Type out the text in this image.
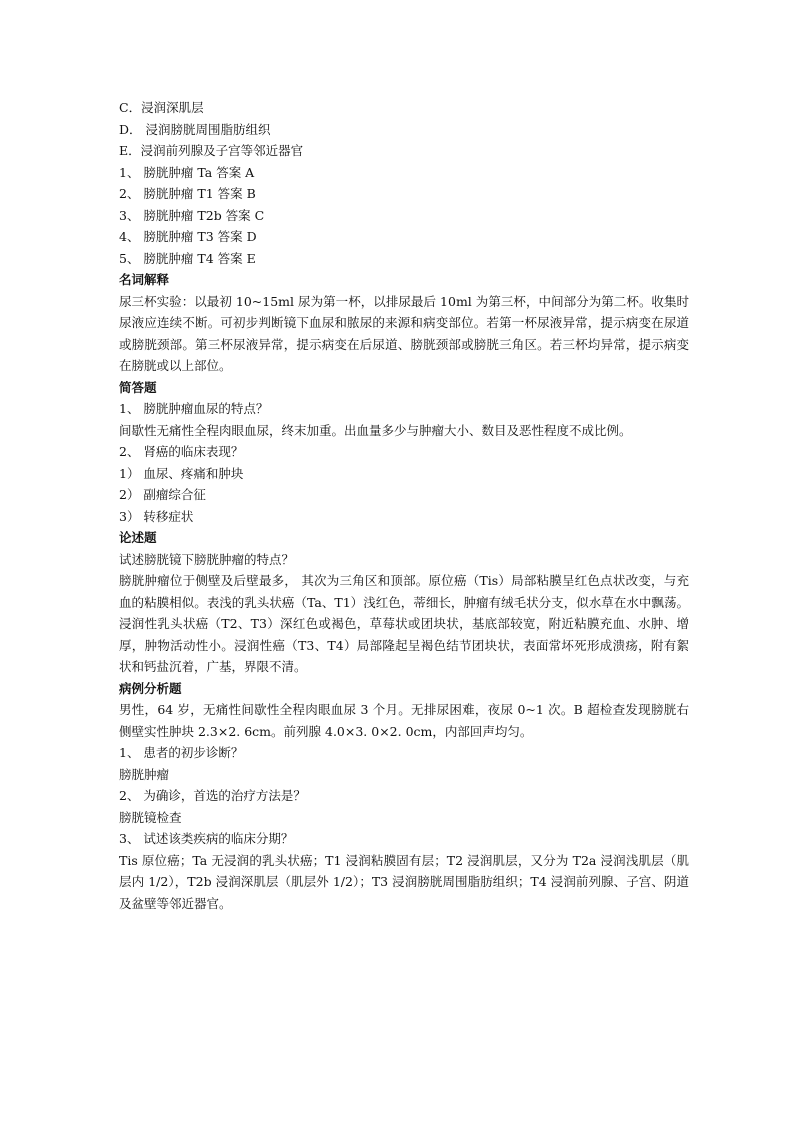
C．浸润深肌层

D． 浸润膀胱周围脂肪组织

E．浸润前列腺及子宫等邻近器官

1、 膀胱肿瘤 Ta 答案 A

2、 膀胱肿瘤 T1 答案 B

3、 膀胱肿瘤 T2b 答案 C

4、 膀胱肿瘤 T3 答案 D

5、 膀胱肿瘤 T4 答案 E

名词解释

尿三杯实验：以最初 10~15ml 尿为第一杯，以排尿最后 10ml 为第三杯，中间部分为第二杯。收集时尿液应连续不断。可初步判断镜下血尿和脓尿的来源和病变部位。若第一杯尿液异常，提示病变在尿道或膀胱颈部。第三杯尿液异常，提示病变在后尿道、膀胱颈部或膀胱三角区。若三杯均异常，提示病变在膀胱或以上部位。

简答题

1、 膀胱肿瘤血尿的特点？

间歇性无痛性全程肉眼血尿，终末加重。出血量多少与肿瘤大小、数目及恶性程度不成比例。

2、 肾癌的临床表现？

1） 血尿、疼痛和肿块

2） 副瘤综合征

3） 转移症状

论述题

试述膀胱镜下膀胱肿瘤的特点？

膀胱肿瘤位于侧壁及后壁最多， 其次为三角区和顶部。原位癌（Tis）局部粘膜呈红色点状改变，与充血的粘膜相似。表浅的乳头状癌（Ta、T1）浅红色，蒂细长，肿瘤有绒毛状分支，似水草在水中飘荡。浸润性乳头状癌（T2、T3）深红色或褐色，草莓状或团块状，基底部较宽，附近粘膜充血、水肿、增厚，肿物活动性小。浸润性癌（T3、T4）局部隆起呈褐色结节团块状，表面常坏死形成溃疡，附有絮状和钙盐沉着，广基，界限不清。

病例分析题

男性，64 岁，无痛性间歇性全程肉眼血尿 3 个月。无排尿困难，夜尿 0~1 次。B 超检查发现膀胱右侧壁实性肿块 2.3×2. 6cm。前列腺 4.0×3. 0×2. 0cm，内部回声均匀。

1、 患者的初步诊断？

膀胱肿瘤

2、 为确诊，首选的治疗方法是？

膀胱镜检查

3、 试述该类疾病的临床分期？

Tis 原位癌；Ta 无浸润的乳头状癌；T1 浸润粘膜固有层；T2 浸润肌层，又分为 T2a 浸润浅肌层（肌层内 1/2），T2b 浸润深肌层（肌层外 1/2）；T3 浸润膀胱周围脂肪组织；T4 浸润前列腺、子宫、阴道及盆壁等邻近器官。
